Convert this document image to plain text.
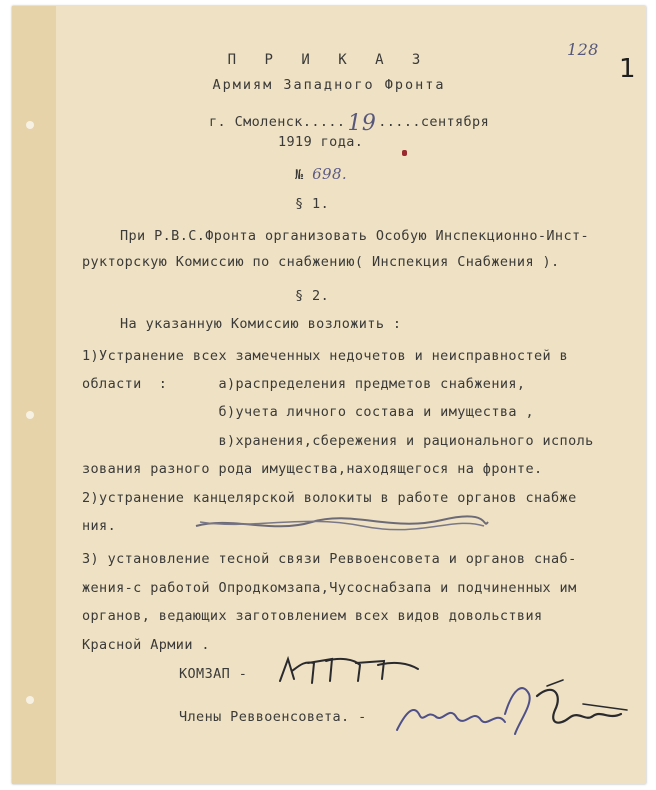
128
1
П Р И К А З
Армиям Западного Фронта
г. Смоленск.....19 .....сентября
1919 года.
№ 698.
§ 1.
При Р.В.С.Фронта организовать Особую Инспекционно-Инст-
рукторскую Комиссию по снабжению( Инспекция Снабжения ).
§ 2.
На указанную Комиссию возложить :
1)Устранение всех замеченных недочетов и неисправностей в
области  :      а)распределения предметов снабжения,
б)учета личного состава и имущества ,
в)хранения,сбережения и рационального исполь
зования разного рода имущества,находящегося на фронте.
2)устранение канцелярской волокиты в работе органов снабже
ния.
3) установление тесной связи Реввоенсовета и органов снаб-
жения-с работой Опродкомзапа,Чусоснабзапа и подчиненных им
органов, ведающих заготовлением всех видов довольствия
Красной Армии .
КОМЗАП -
Члены Реввоенсовета. -
